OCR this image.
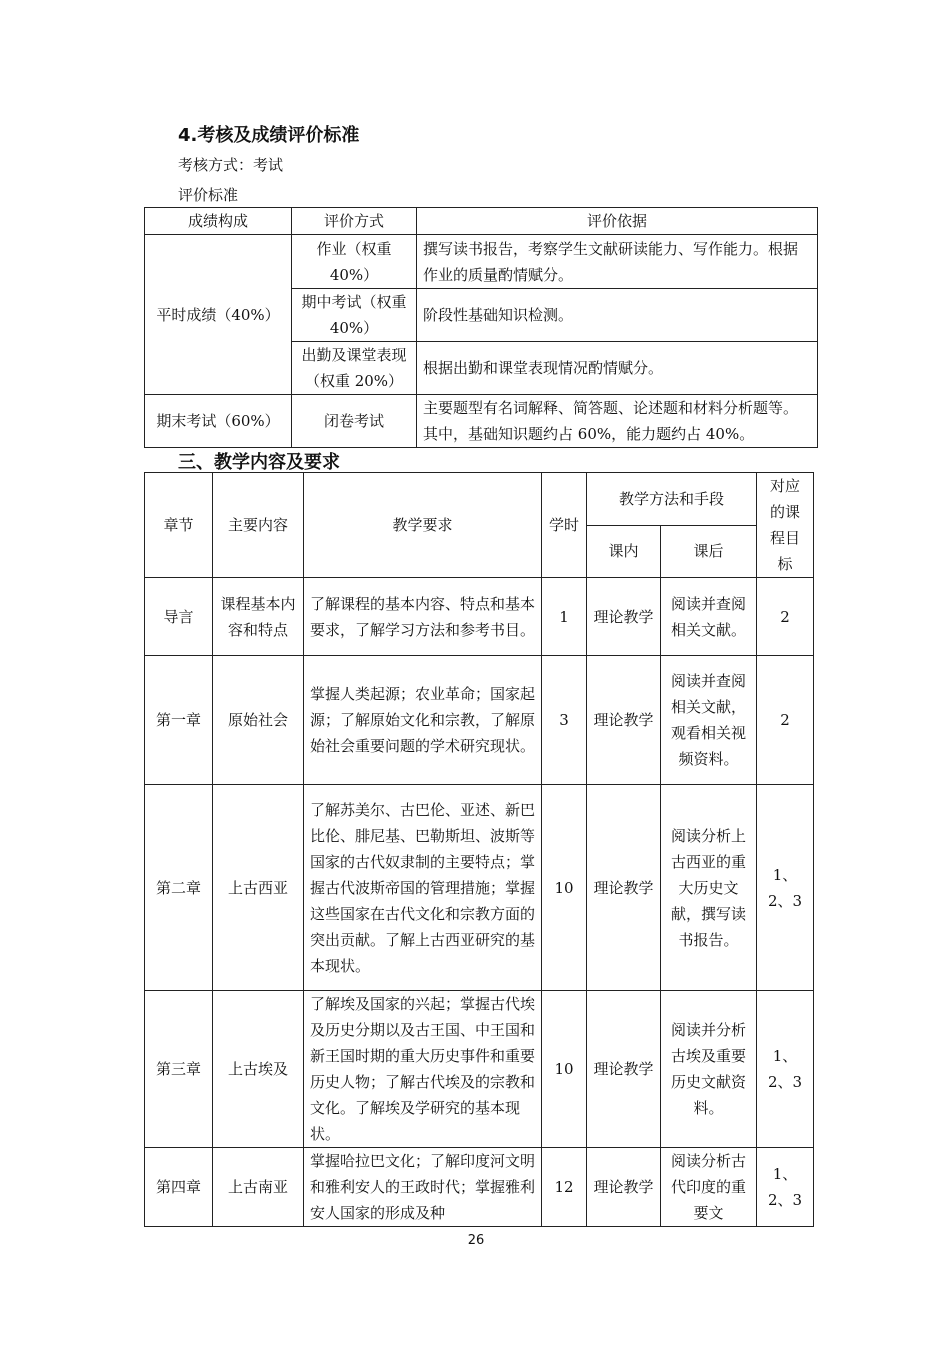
4.考核及成绩评价标准
考核方式：考试
评价标准
成绩构成	评价方式	评价依据
平时成绩（40%）	作业（权重40%）	撰写读书报告，考察学生文献研读能力、写作能力。根据作业的质量酌情赋分。
	期中考试（权重 40%）	阶段性基础知识检测。
	出勤及课堂表现（权重 20%）	根据出勤和课堂表现情况酌情赋分。
期末考试（60%）	闭卷考试	主要题型有名词解释、简答题、论述题和材料分析题等。其中，基础知识题约占 60%，能力题约占 40%。
三、教学内容及要求
章节	主要内容	教学要求	学时	教学方法和手段		对应的课程目标
				课内	课后	
导言	课程基本内容和特点	了解课程的基本内容、特点和基本要求，了解学习方法和参考书目。	1	理论教学	阅读并查阅相关文献。	2
第一章	原始社会	掌握人类起源；农业革命；国家起源；了解原始文化和宗教，了解原始社会重要问题的学术研究现状。	3	理论教学	阅读并查阅相关文献，观看相关视频资料。	2
第二章	上古西亚	了解苏美尔、古巴伦、亚述、新巴比伦、腓尼基、巴勒斯坦、波斯等国家的古代奴隶制的主要特点；掌握古代波斯帝国的管理措施；掌握这些国家在古代文化和宗教方面的突出贡献。了解上古西亚研究的基本现状。	10	理论教学	阅读分析上古西亚的重大历史文献，撰写读书报告。	1、2、3
第三章	上古埃及	了解埃及国家的兴起；掌握古代埃及历史分期以及古王国、中王国和新王国时期的重大历史事件和重要历史人物；了解古代埃及的宗教和文化。了解埃及学研究的基本现状。	10	理论教学	阅读并分析古埃及重要历史文献资料。	1、2、3
第四章	上古南亚	掌握哈拉巴文化；了解印度河文明和雅利安人的王政时代；掌握雅利安人国家的形成及种	12	理论教学	阅读分析古代印度的重要文	1、2、3
26
